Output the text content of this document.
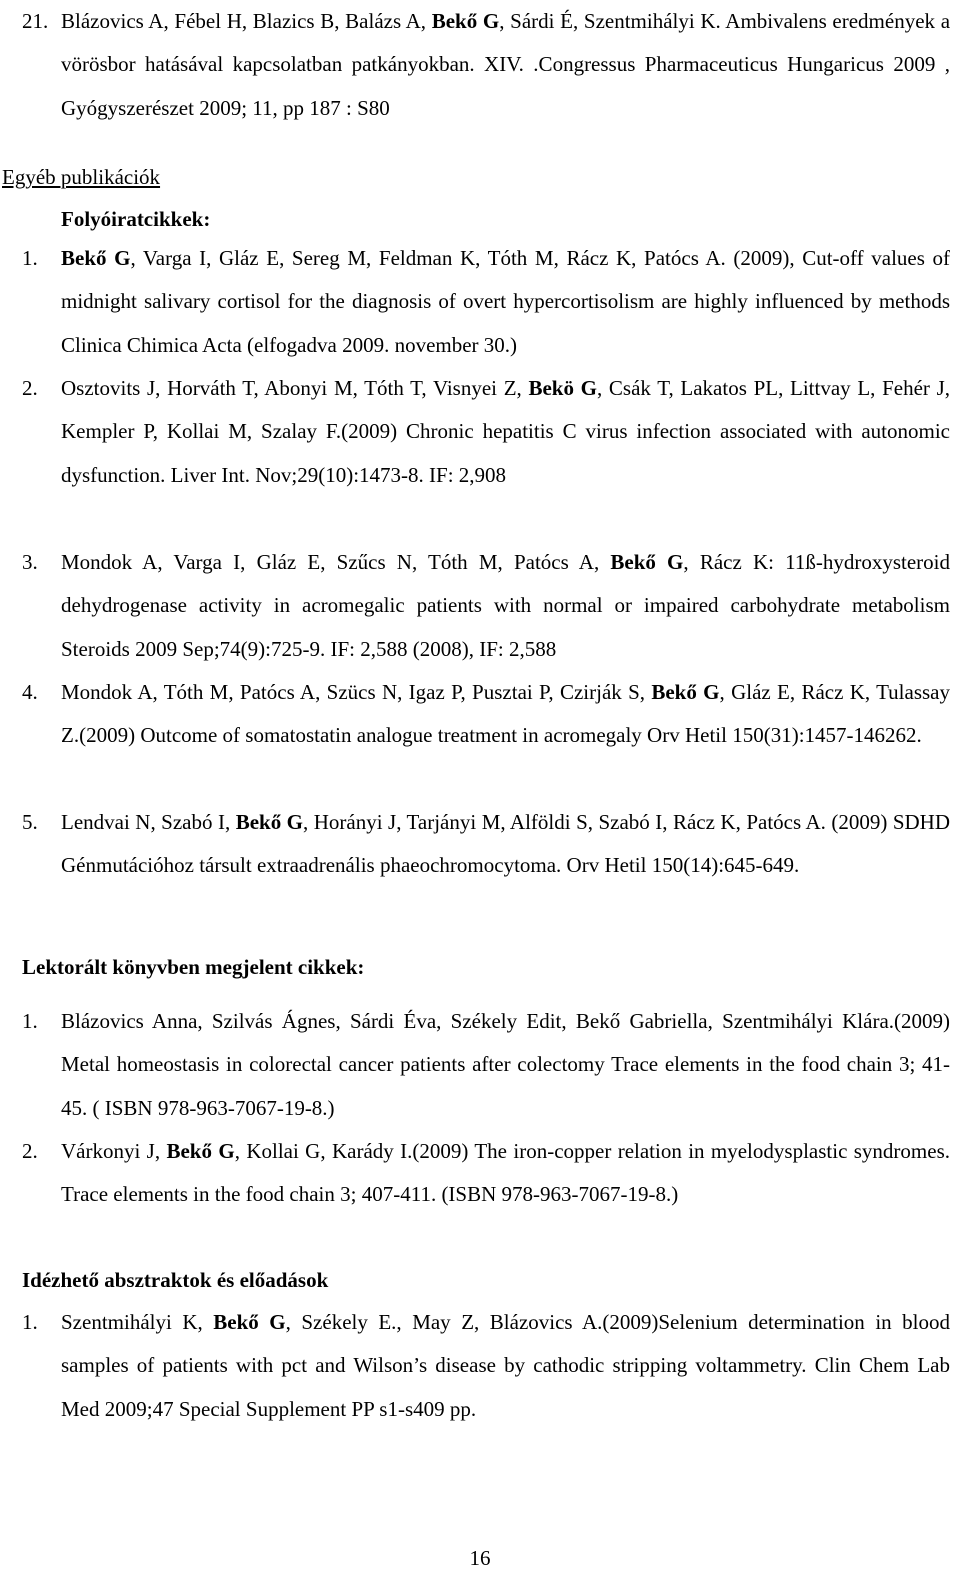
21. Blázovics A, Fébel H, Blazics B, Balázs A, Bekő G, Sárdi É, Szentmihályi K. Ambivalens eredmények a vörösbor hatásával kapcsolatban patkányokban. XIV. .Congressus Pharmaceuticus Hungaricus 2009 , Gyógyszerészet 2009; 11, pp 187 : S80
Egyéb publikációk
Folyóiratcikkek:
1. Bekő G, Varga I, Gláz E, Sereg M, Feldman K, Tóth M, Rácz K, Patócs A. (2009), Cut-off values of midnight salivary cortisol for the diagnosis of overt hypercortisolism are highly influenced by methods Clinica Chimica Acta (elfogadva 2009. november 30.)
2. Osztovits J, Horváth T, Abonyi M, Tóth T, Visnyei Z, Bekö G, Csák T, Lakatos PL, Littvay L, Fehér J, Kempler P, Kollai M, Szalay F.(2009) Chronic hepatitis C virus infection associated with autonomic dysfunction. Liver Int. Nov;29(10):1473-8. IF: 2,908
3. Mondok A, Varga I, Gláz E, Szűcs N, Tóth M, Patócs A, Bekő G, Rácz K: 11ß-hydroxysteroid dehydrogenase activity in acromegalic patients with normal or impaired carbohydrate metabolism Steroids 2009 Sep;74(9):725-9. IF: 2,588 (2008), IF: 2,588
4. Mondok A, Tóth M, Patócs A, Szücs N, Igaz P, Pusztai P, Czirják S, Bekő G, Gláz E, Rácz K, Tulassay Z.(2009) Outcome of somatostatin analogue treatment in acromegaly Orv Hetil 150(31):1457-146262.
5. Lendvai N, Szabó I, Bekő G, Horányi J, Tarjányi M, Alföldi S, Szabó I, Rácz K, Patócs A. (2009) SDHD Génmutációhoz társult extraadrenális phaeochromocytoma. Orv Hetil 150(14):645-649.
Lektorált könyvben megjelent cikkek:
1. Blázovics Anna, Szilvás Ágnes, Sárdi Éva, Székely Edit, Bekő Gabriella, Szentmihályi Klára.(2009) Metal homeostasis in colorectal cancer patients after colectomy Trace elements in the food chain 3; 41-45. ( ISBN 978-963-7067-19-8.)
2. Várkonyi J, Bekő G, Kollai G, Karády I.(2009) The iron-copper relation in myelodysplastic syndromes. Trace elements in the food chain 3; 407-411. (ISBN 978-963-7067-19-8.)
Idézhető absztraktok és előadások
1. Szentmihályi K, Bekő G, Székely E., May Z, Blázovics A.(2009)Selenium determination in blood samples of patients with pct and Wilson’s disease by cathodic stripping voltammetry. Clin Chem Lab Med 2009;47 Special Supplement PP s1-s409 pp.
16
